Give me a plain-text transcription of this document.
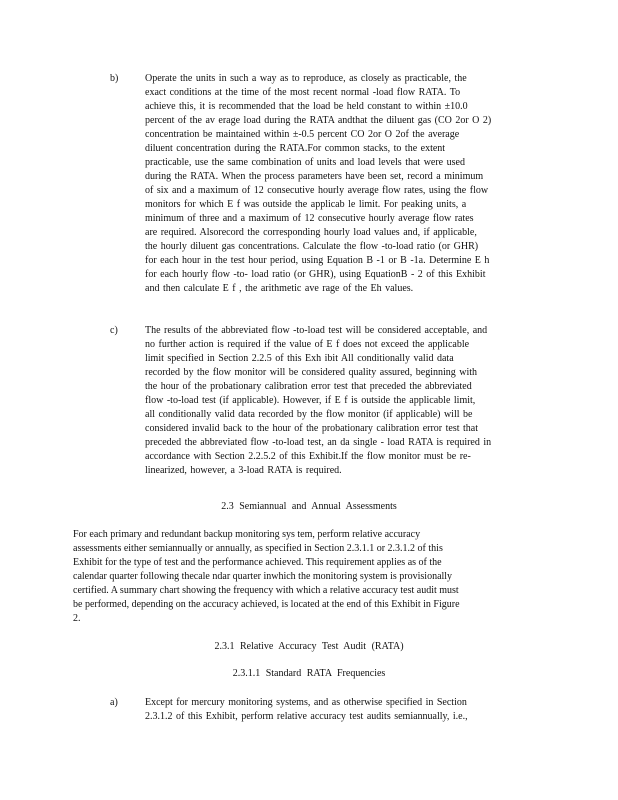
b)	Operate the units in such a way as to reproduce, as closely as practicable, the
exact conditions at the time of the most recent normal -load flow RATA. To
achieve this, it is recommended that the load be held constant to within ±10.0
percent of the av erage load during the RATA andthat the diluent gas (CO 2or O 2)
concentration be maintained within ±-0.5 percent CO 2or O 2of the average
diluent concentration during the RATA.For common stacks, to the extent
practicable, use the same combination of units and load levels that were used
during the RATA. When the process parameters have been set, record a minimum
of six and a maximum of 12 consecutive hourly average flow rates, using the flow
monitors for which E f was outside the applicab le limit. For peaking units, a
minimum of three and a maximum of 12 consecutive hourly average flow rates
are required. Alsorecord the corresponding hourly load values and, if applicable,
the hourly diluent gas concentrations. Calculate the flow -to-load ratio (or GHR)
for each hour in the test hour period, using Equation B -1 or B -1a. Determine E h
for each hourly flow -to- load ratio (or GHR), using EquationB - 2 of this Exhibit
and then calculate E f , the arithmetic ave rage of the Eh values.
c)	The results of the abbreviated flow -to-load test will be considered acceptable, and
no further action is required if the value of E f does not exceed the applicable
limit specified in Section 2.2.5 of this Exh ibit All conditionally valid data
recorded by the flow monitor will be considered quality assured, beginning with
the hour of the probationary calibration error test that preceded the abbreviated
flow -to-load test (if applicable). However, if E f is outside the applicable limit,
all conditionally valid data recorded by the flow monitor (if applicable) will be
considered invalid back to the hour of the probationary calibration error test that
preceded the abbreviated flow -to-load test, an da single - load RATA is required in
accordance with Section 2.2.5.2 of this Exhibit.If the flow monitor must be re-
linearized, however, a 3-load RATA is required.
2.3 Semiannual and Annual Assessments
For each primary and redundant backup monitoring sys tem, perform relative accuracy
assessments either semiannually or annually, as specified in Section 2.3.1.1 or 2.3.1.2 of this
Exhibit for the type of test and the performance achieved. This requirement applies as of the
calendar quarter following thecale ndar quarter inwhich the monitoring system is provisionally
certified. A summary chart showing the frequency with which a relative accuracy test audit must
be performed, depending on the accuracy achieved, is located at the end of this Exhibit in Figure
2.
2.3.1 Relative Accuracy Test Audit (RATA)
2.3.1.1 Standard RATA Frequencies
a)	Except for mercury monitoring systems, and as otherwise specified in Section
2.3.1.2 of this Exhibit, perform relative accuracy test audits semiannually, i.e.,
